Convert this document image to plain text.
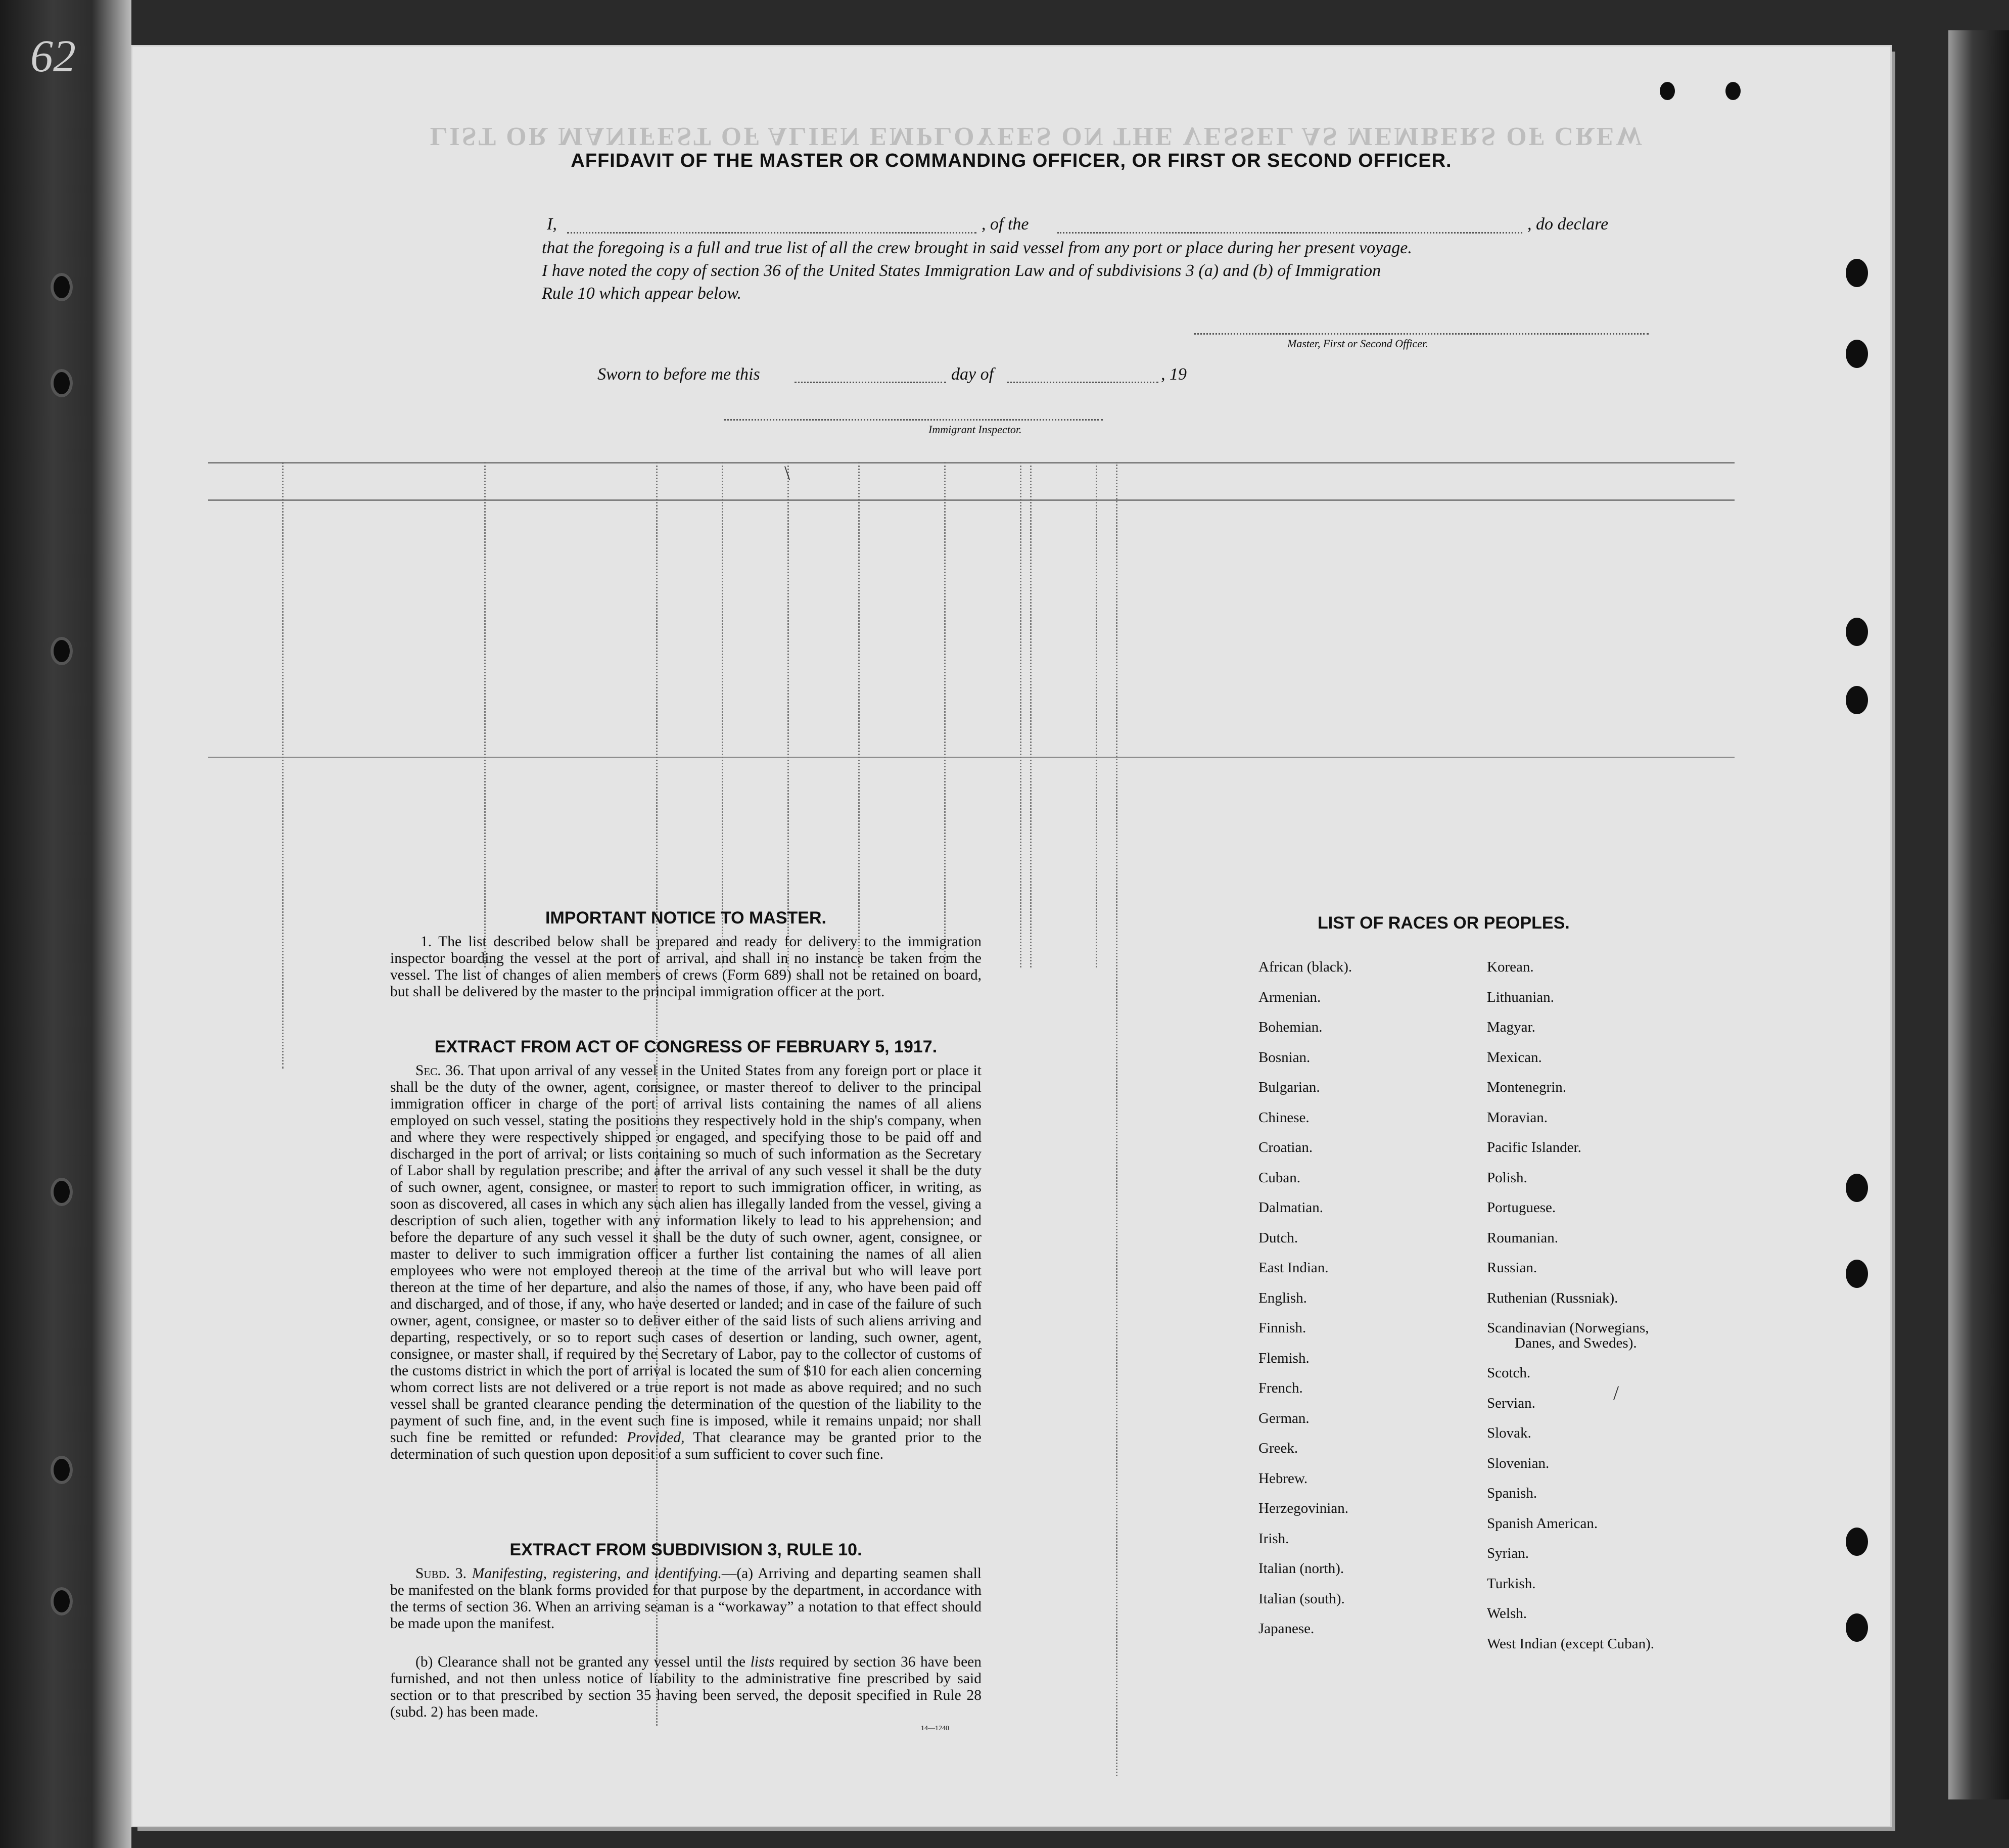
62
LIST OR MANIFEST OF ALIEN EMPLOYEES ON THE VESSEL AS MEMBERS OF CREW
AFFIDAVIT OF THE MASTER OR COMMANDING OFFICER, OR FIRST OR SECOND OFFICER.
I,	, of the	, do declare
that the foregoing is a full and true list of all the crew brought in said vessel from any port or place during her present voyage.
I have noted the copy of section 36 of the United States Immigration Law and of subdivisions 3 (a) and (b) of Immigration
Rule 10 which appear below.
Master, First or Second Officer.
Sworn to before me this	day of	, 19
Immigrant Inspector.
IMPORTANT NOTICE TO MASTER.
1. The list described below shall be prepared and ready for delivery to the immigration inspector boarding the vessel at the port of arrival, and shall in no instance be taken from the vessel. The list of changes of alien members of crews (Form 689) shall not be retained on board, but shall be delivered by the master to the principal immigration officer at the port.
EXTRACT FROM ACT OF CONGRESS OF FEBRUARY 5, 1917.
Sec. 36. That upon arrival of any vessel in the United States from any foreign port or place it shall be the duty of the owner, agent, consignee, or master thereof to deliver to the principal immigration officer in charge of the port of arrival lists containing the names of all aliens employed on such vessel, stating the positions they respectively hold in the ship's company, when and where they were respectively shipped or engaged, and specifying those to be paid off and discharged in the port of arrival; or lists containing so much of such information as the Secretary of Labor shall by regulation prescribe; and after the arrival of any such vessel it shall be the duty of such owner, agent, consignee, or master to report to such immigration officer, in writing, as soon as discovered, all cases in which any such alien has illegally landed from the vessel, giving a description of such alien, together with any information likely to lead to his apprehension; and before the departure of any such vessel it shall be the duty of such owner, agent, consignee, or master to deliver to such immigration officer a further list containing the names of all alien employees who were not employed thereon at the time of the arrival but who will leave port thereon at the time of her departure, and also the names of those, if any, who have been paid off and discharged, and of those, if any, who have deserted or landed; and in case of the failure of such owner, agent, consignee, or master so to deliver either of the said lists of such aliens arriving and departing, respectively, or so to report such cases of desertion or landing, such owner, agent, consignee, or master shall, if required by the Secretary of Labor, pay to the collector of customs of the customs district in which the port of arrival is located the sum of $10 for each alien concerning whom correct lists are not delivered or a true report is not made as above required; and no such vessel shall be granted clearance pending the determination of the question of the liability to the payment of such fine, and, in the event such fine is imposed, while it remains unpaid; nor shall such fine be remitted or refunded: Provided, That clearance may be granted prior to the determination of such question upon deposit of a sum sufficient to cover such fine.
EXTRACT FROM SUBDIVISION 3, RULE 10.
Subd. 3. Manifesting, registering, and identifying.—(a) Arriving and departing seamen shall be manifested on the blank forms provided for that purpose by the department, in accordance with the terms of section 36. When an arriving seaman is a “workaway” a notation to that effect should be made upon the manifest.
(b) Clearance shall not be granted any vessel until the lists required by section 36 have been furnished, and not then unless notice of liability to the administrative fine prescribed by said section or to that prescribed by section 35 having been served, the deposit specified in Rule 28 (subd. 2) has been made.
14—1240
LIST OF RACES OR PEOPLES.
\
/
African (black).
Armenian.
Bohemian.
Bosnian.
Bulgarian.
Chinese.
Croatian.
Cuban.
Dalmatian.
Dutch.
East Indian.
English.
Finnish.
Flemish.
French.
German.
Greek.
Hebrew.
Herzegovinian.
Irish.
Italian (north).
Italian (south).
Japanese.
Korean.
Lithuanian.
Magyar.
Mexican.
Montenegrin.
Moravian.
Pacific Islander.
Polish.
Portuguese.
Roumanian.
Russian.
Ruthenian (Russniak).
Scandinavian (Norwegians,
Danes, and Swedes).
Scotch.
Servian.
Slovak.
Slovenian.
Spanish.
Spanish American.
Syrian.
Turkish.
Welsh.
West Indian (except Cuban).
